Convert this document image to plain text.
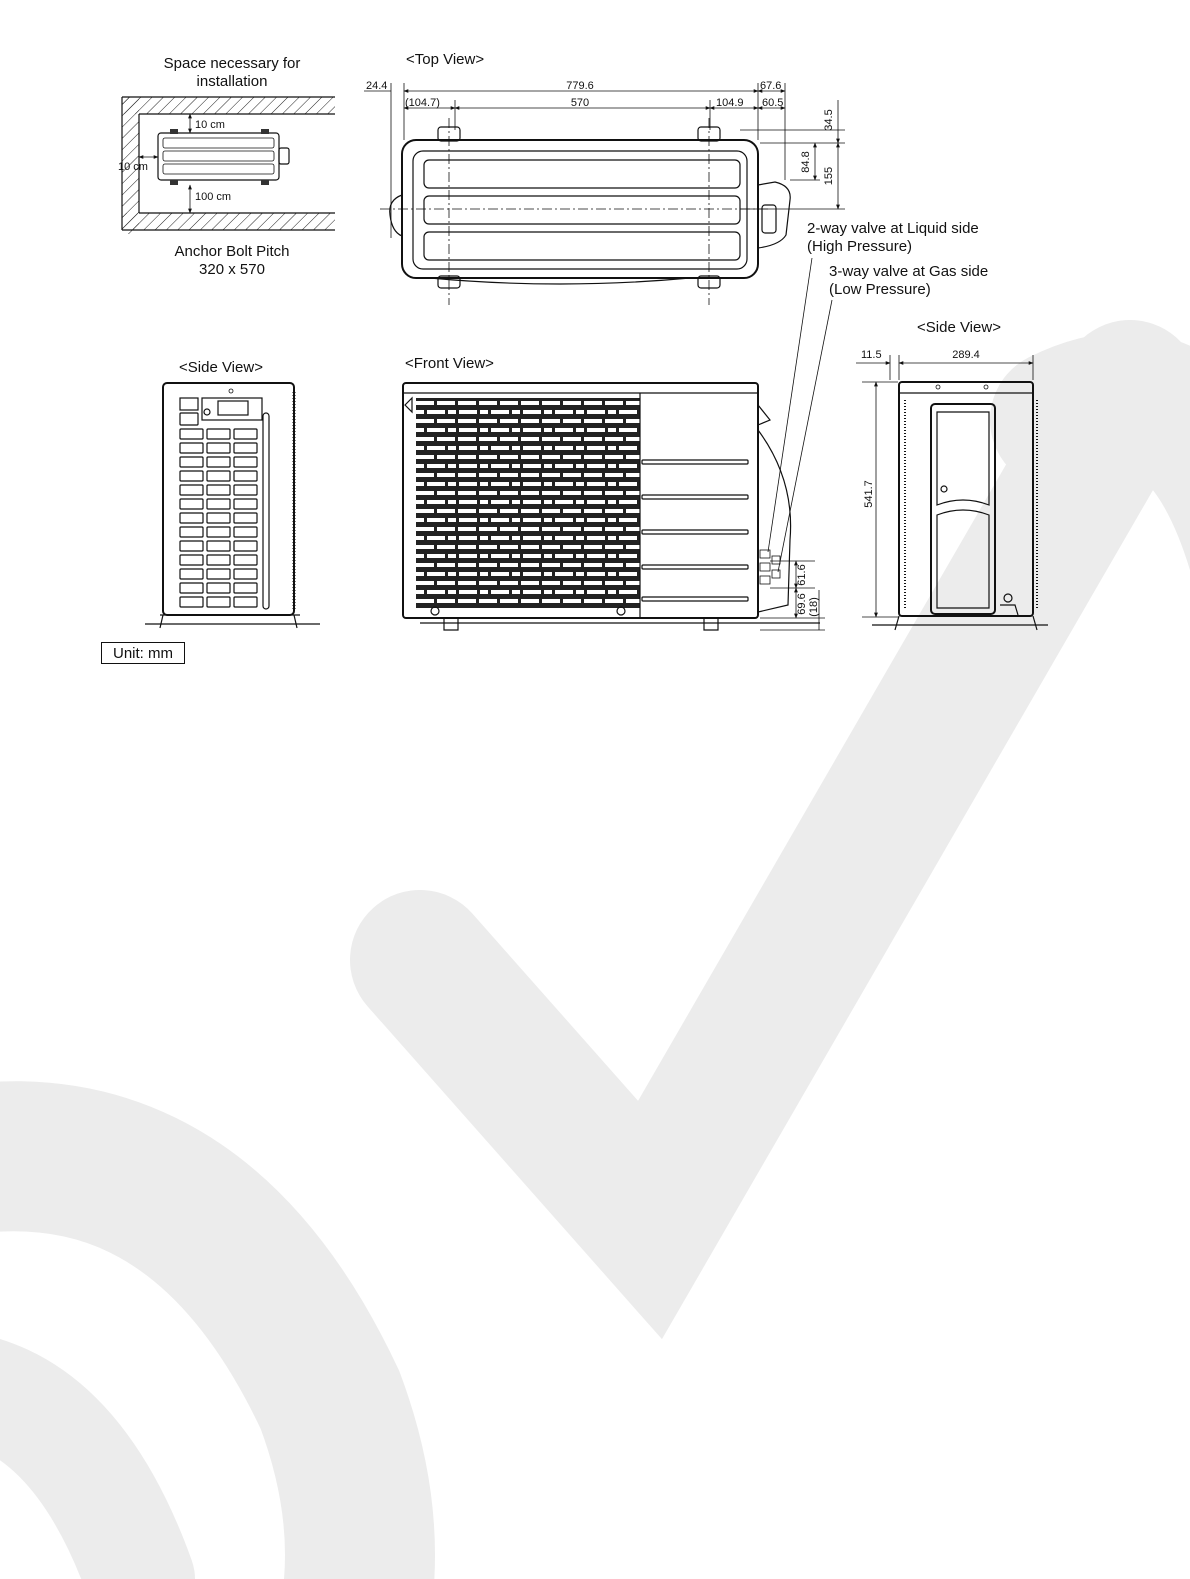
Space necessary for
installation
10 cm
10 cm
100 cm
Anchor Bolt Pitch
320 x 570
<Top View>
24.4	779.6	67.6
(104.7)	570	104.9 60.5
34.5
84.8
155
2-way valve at Liquid side
(High Pressure)
3-way valve at Gas side
(Low Pressure)
<Side View>	<Front View>
61.6
69.6 (18)
<Side View>
11.5	289.4
541.7
Unit: mm
